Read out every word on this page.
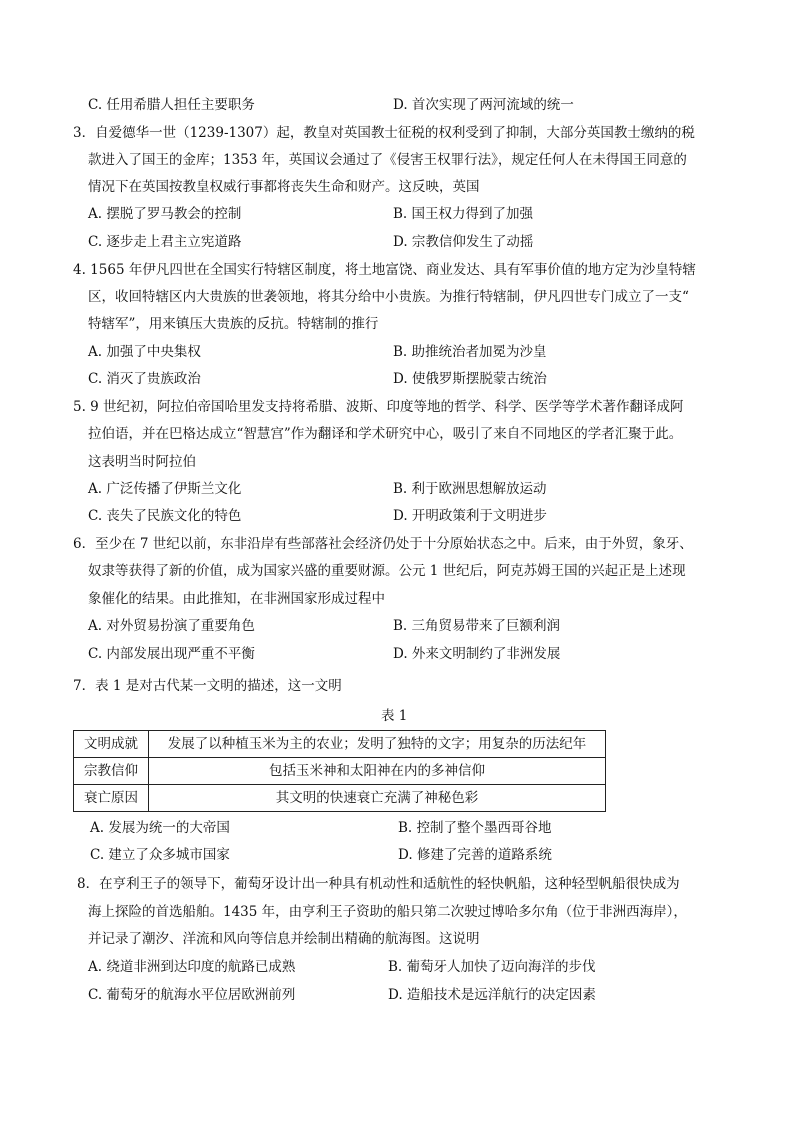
C. 任用希腊人担任主要职务	D. 首次实现了两河流域的统一
3．自爱德华一世（1239-1307）起，教皇对英国教士征税的权利受到了抑制，大部分英国教士缴纳的税
款进入了国王的金库；1353 年，英国议会通过了《侵害王权罪行法》，规定任何人在未得国王同意的
情况下在英国按教皇权威行事都将丧失生命和财产。这反映，英国
A. 摆脱了罗马教会的控制	B. 国王权力得到了加强
C. 逐步走上君主立宪道路	D. 宗教信仰发生了动摇
4. 1565 年伊凡四世在全国实行特辖区制度，将土地富饶、商业发达、具有军事价值的地方定为沙皇特辖
区，收回特辖区内大贵族的世袭领地，将其分给中小贵族。为推行特辖制，伊凡四世专门成立了一支“
特辖军”，用来镇压大贵族的反抗。特辖制的推行
A. 加强了中央集权	B. 助推统治者加冕为沙皇
C. 消灭了贵族政治	D. 使俄罗斯摆脱蒙古统治
5. 9 世纪初，阿拉伯帝国哈里发支持将希腊、波斯、印度等地的哲学、科学、医学等学术著作翻译成阿
拉伯语，并在巴格达成立“智慧宫”作为翻译和学术研究中心，吸引了来自不同地区的学者汇聚于此。
这表明当时阿拉伯
A. 广泛传播了伊斯兰文化	B. 利于欧洲思想解放运动
C. 丧失了民族文化的特色	D. 开明政策利于文明进步
6．至少在 7 世纪以前，东非沿岸有些部落社会经济仍处于十分原始状态之中。后来，由于外贸，象牙、
奴隶等获得了新的价值，成为国家兴盛的重要财源。公元 1 世纪后，阿克苏姆王国的兴起正是上述现
象催化的结果。由此推知，在非洲国家形成过程中
A. 对外贸易扮演了重要角色	B. 三角贸易带来了巨额利润
C. 内部发展出现严重不平衡	D. 外来文明制约了非洲发展
7．表 1 是对古代某一文明的描述，这一文明
表 1
文明成就	发展了以种植玉米为主的农业；发明了独特的文字；用复杂的历法纪年
宗教信仰	包括玉米神和太阳神在内的多神信仰
衰亡原因	其文明的快速衰亡充满了神秘色彩
A. 发展为统一的大帝国	B. 控制了整个墨西哥谷地
C. 建立了众多城市国家	D. 修建了完善的道路系统
8．在亨利王子的领导下，葡萄牙设计出一种具有机动性和适航性的轻快帆船，这种轻型帆船很快成为
海上探险的首选船舶。1435 年，由亨利王子资助的船只第二次驶过博哈多尔角（位于非洲西海岸），
并记录了潮汐、洋流和风向等信息并绘制出精确的航海图。这说明
A. 绕道非洲到达印度的航路已成熟	B. 葡萄牙人加快了迈向海洋的步伐
C. 葡萄牙的航海水平位居欧洲前列	D. 造船技术是远洋航行的决定因素
